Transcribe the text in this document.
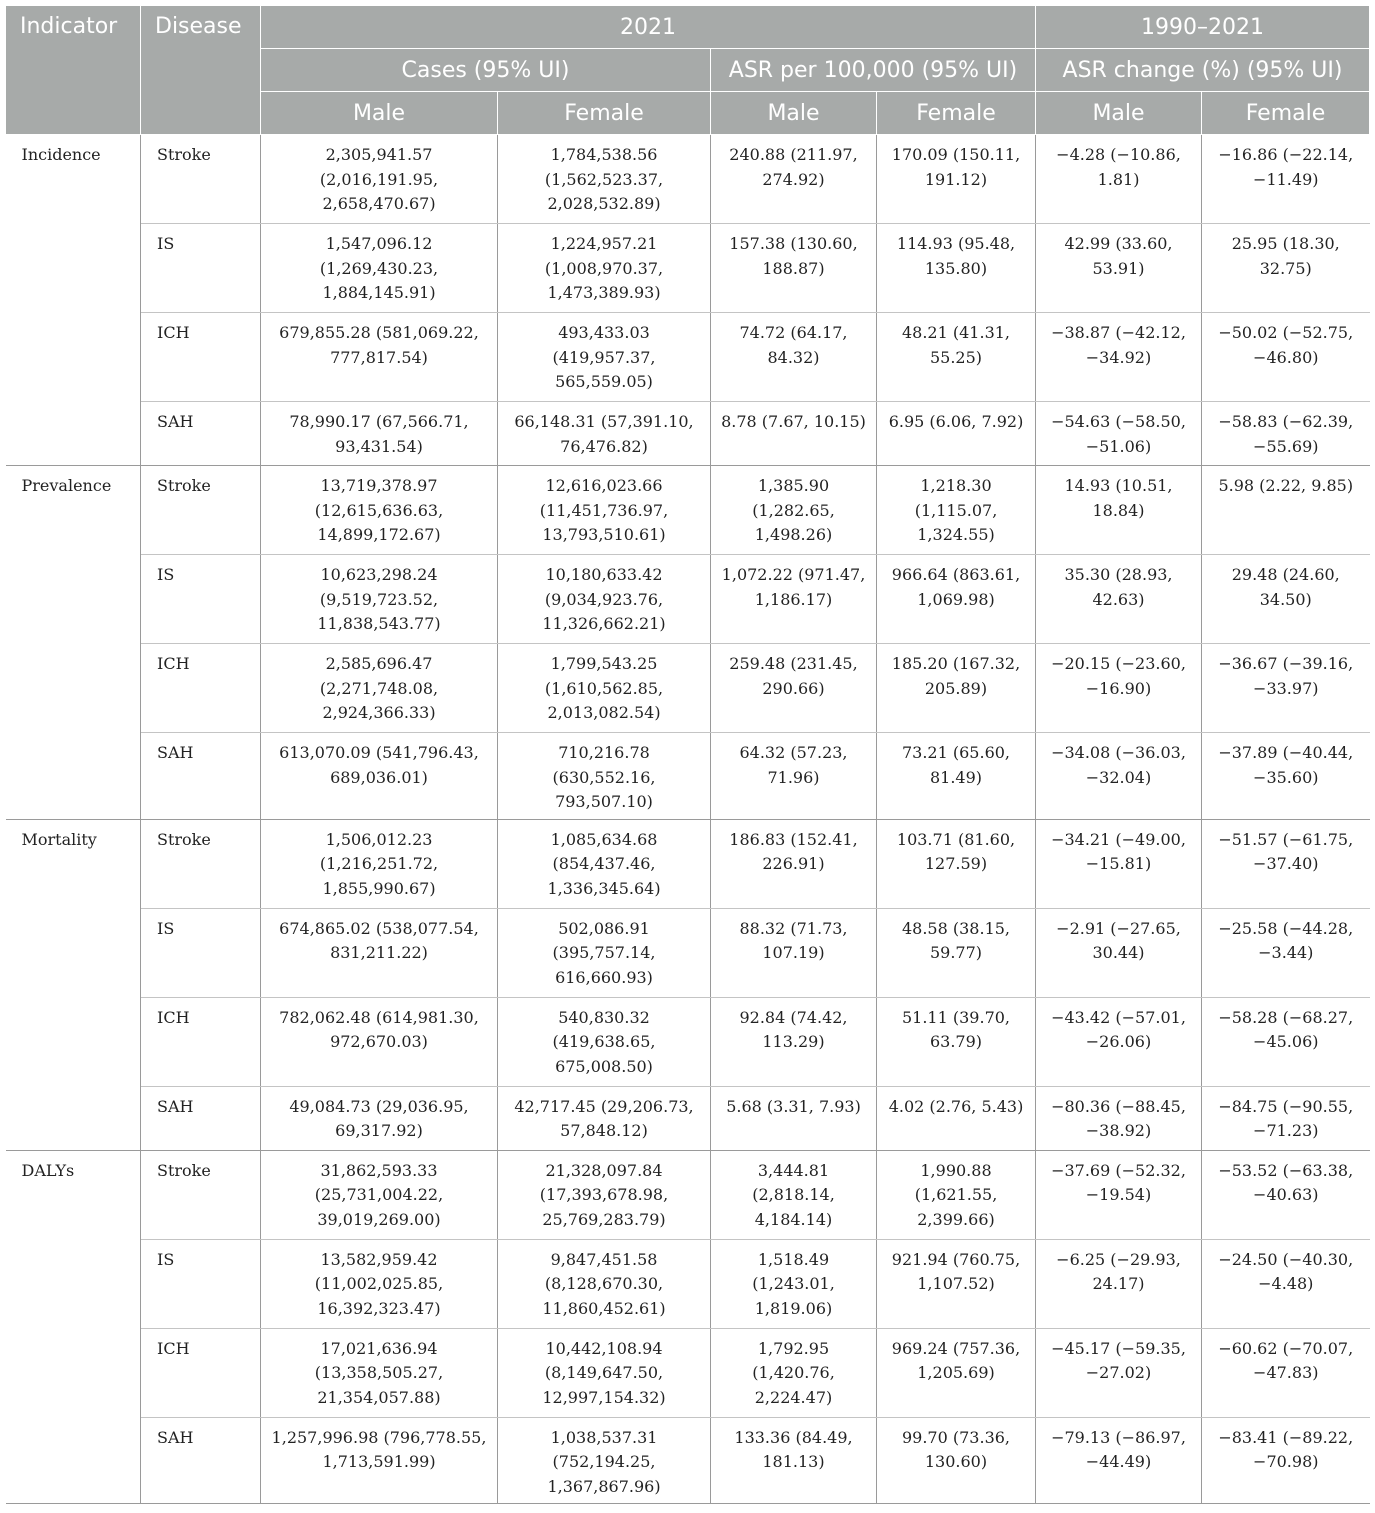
Indicator	Disease	2021				1990–2021	
		Cases (95% UI)		ASR per 100,000 (95% UI)		ASR change (%) (95% UI)	
		Male	Female	Male	Female	Male	Female
Incidence	Stroke	2,305,941.57 (2,016,191.95, 2,658,470.67)	1,784,538.56 (1,562,523.37, 2,028,532.89)	240.88 (211.97, 274.92)	170.09 (150.11, 191.12)	−4.28 (−10.86, 1.81)	−16.86 (−22.14, −11.49)
	IS	1,547,096.12 (1,269,430.23, 1,884,145.91)	1,224,957.21 (1,008,970.37, 1,473,389.93)	157.38 (130.60, 188.87)	114.93 (95.48, 135.80)	42.99 (33.60, 53.91)	25.95 (18.30, 32.75)
	ICH	679,855.28 (581,069.22, 777,817.54)	493,433.03 (419,957.37, 565,559.05)	74.72 (64.17, 84.32)	48.21 (41.31, 55.25)	−38.87 (−42.12, −34.92)	−50.02 (−52.75, −46.80)
	SAH	78,990.17 (67,566.71, 93,431.54)	66,148.31 (57,391.10, 76,476.82)	8.78 (7.67, 10.15)	6.95 (6.06, 7.92)	−54.63 (−58.50, −51.06)	−58.83 (−62.39, −55.69)
Prevalence	Stroke	13,719,378.97 (12,615,636.63, 14,899,172.67)	12,616,023.66 (11,451,736.97, 13,793,510.61)	1,385.90 (1,282.65, 1,498.26)	1,218.30 (1,115.07, 1,324.55)	14.93 (10.51, 18.84)	5.98 (2.22, 9.85)
	IS	10,623,298.24 (9,519,723.52, 11,838,543.77)	10,180,633.42 (9,034,923.76, 11,326,662.21)	1,072.22 (971.47, 1,186.17)	966.64 (863.61, 1,069.98)	35.30 (28.93, 42.63)	29.48 (24.60, 34.50)
	ICH	2,585,696.47 (2,271,748.08, 2,924,366.33)	1,799,543.25 (1,610,562.85, 2,013,082.54)	259.48 (231.45, 290.66)	185.20 (167.32, 205.89)	−20.15 (−23.60, −16.90)	−36.67 (−39.16, −33.97)
	SAH	613,070.09 (541,796.43, 689,036.01)	710,216.78 (630,552.16, 793,507.10)	64.32 (57.23, 71.96)	73.21 (65.60, 81.49)	−34.08 (−36.03, −32.04)	−37.89 (−40.44, −35.60)
Mortality	Stroke	1,506,012.23 (1,216,251.72, 1,855,990.67)	1,085,634.68 (854,437.46, 1,336,345.64)	186.83 (152.41, 226.91)	103.71 (81.60, 127.59)	−34.21 (−49.00, −15.81)	−51.57 (−61.75, −37.40)
	IS	674,865.02 (538,077.54, 831,211.22)	502,086.91 (395,757.14, 616,660.93)	88.32 (71.73, 107.19)	48.58 (38.15, 59.77)	−2.91 (−27.65, 30.44)	−25.58 (−44.28, −3.44)
	ICH	782,062.48 (614,981.30, 972,670.03)	540,830.32 (419,638.65, 675,008.50)	92.84 (74.42, 113.29)	51.11 (39.70, 63.79)	−43.42 (−57.01, −26.06)	−58.28 (−68.27, −45.06)
	SAH	49,084.73 (29,036.95, 69,317.92)	42,717.45 (29,206.73, 57,848.12)	5.68 (3.31, 7.93)	4.02 (2.76, 5.43)	−80.36 (−88.45, −38.92)	−84.75 (−90.55, −71.23)
DALYs	Stroke	31,862,593.33 (25,731,004.22, 39,019,269.00)	21,328,097.84 (17,393,678.98, 25,769,283.79)	3,444.81 (2,818.14, 4,184.14)	1,990.88 (1,621.55, 2,399.66)	−37.69 (−52.32, −19.54)	−53.52 (−63.38, −40.63)
	IS	13,582,959.42 (11,002,025.85, 16,392,323.47)	9,847,451.58 (8,128,670.30, 11,860,452.61)	1,518.49 (1,243.01, 1,819.06)	921.94 (760.75, 1,107.52)	−6.25 (−29.93, 24.17)	−24.50 (−40.30, −4.48)
	ICH	17,021,636.94 (13,358,505.27, 21,354,057.88)	10,442,108.94 (8,149,647.50, 12,997,154.32)	1,792.95 (1,420.76, 2,224.47)	969.24 (757.36, 1,205.69)	−45.17 (−59.35, −27.02)	−60.62 (−70.07, −47.83)
	SAH	1,257,996.98 (796,778.55, 1,713,591.99)	1,038,537.31 (752,194.25, 1,367,867.96)	133.36 (84.49, 181.13)	99.70 (73.36, 130.60)	−79.13 (−86.97, −44.49)	−83.41 (−89.22, −70.98)
